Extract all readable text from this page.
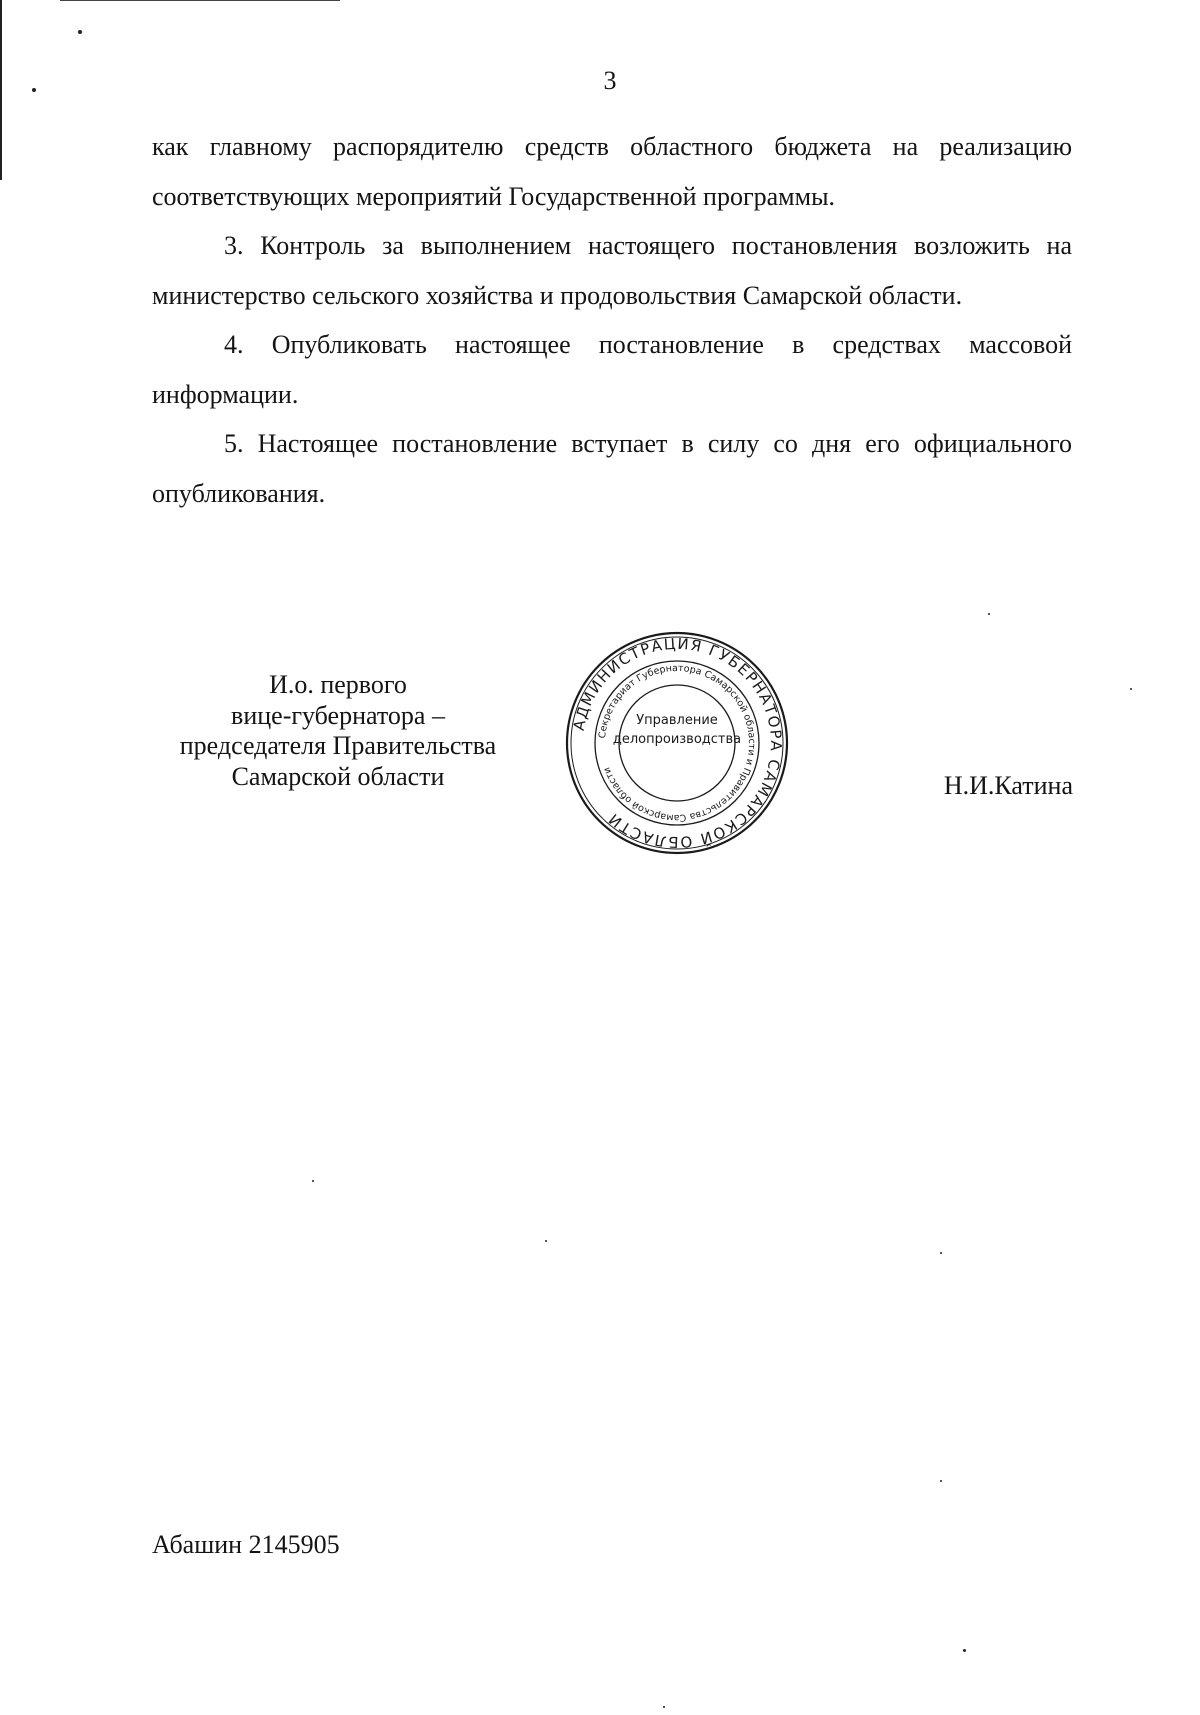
3

как главному распорядителю средств областного бюджета на реализацию соответствующих мероприятий Государственной программы.

3. Контроль за выполнением настоящего постановления возложить на министерство сельского хозяйства и продовольствия Самарской области.

4. Опубликовать настоящее постановление в средствах массовой информации.

5. Настоящее постановление вступает в силу со дня его официального опубликования.

И.о. первого
вице-губернатора –
председателя Правительства
Самарской области
АДМИНИСТРАЦИЯ ГУБЕРНАТОРА САМАРСКОЙ ОБЛАСТИ
Секретариат Губернатора Самарской области и Правительства Самарской области
Управление
делопроизводства
Н.И.Катина
Абашин 2145905
